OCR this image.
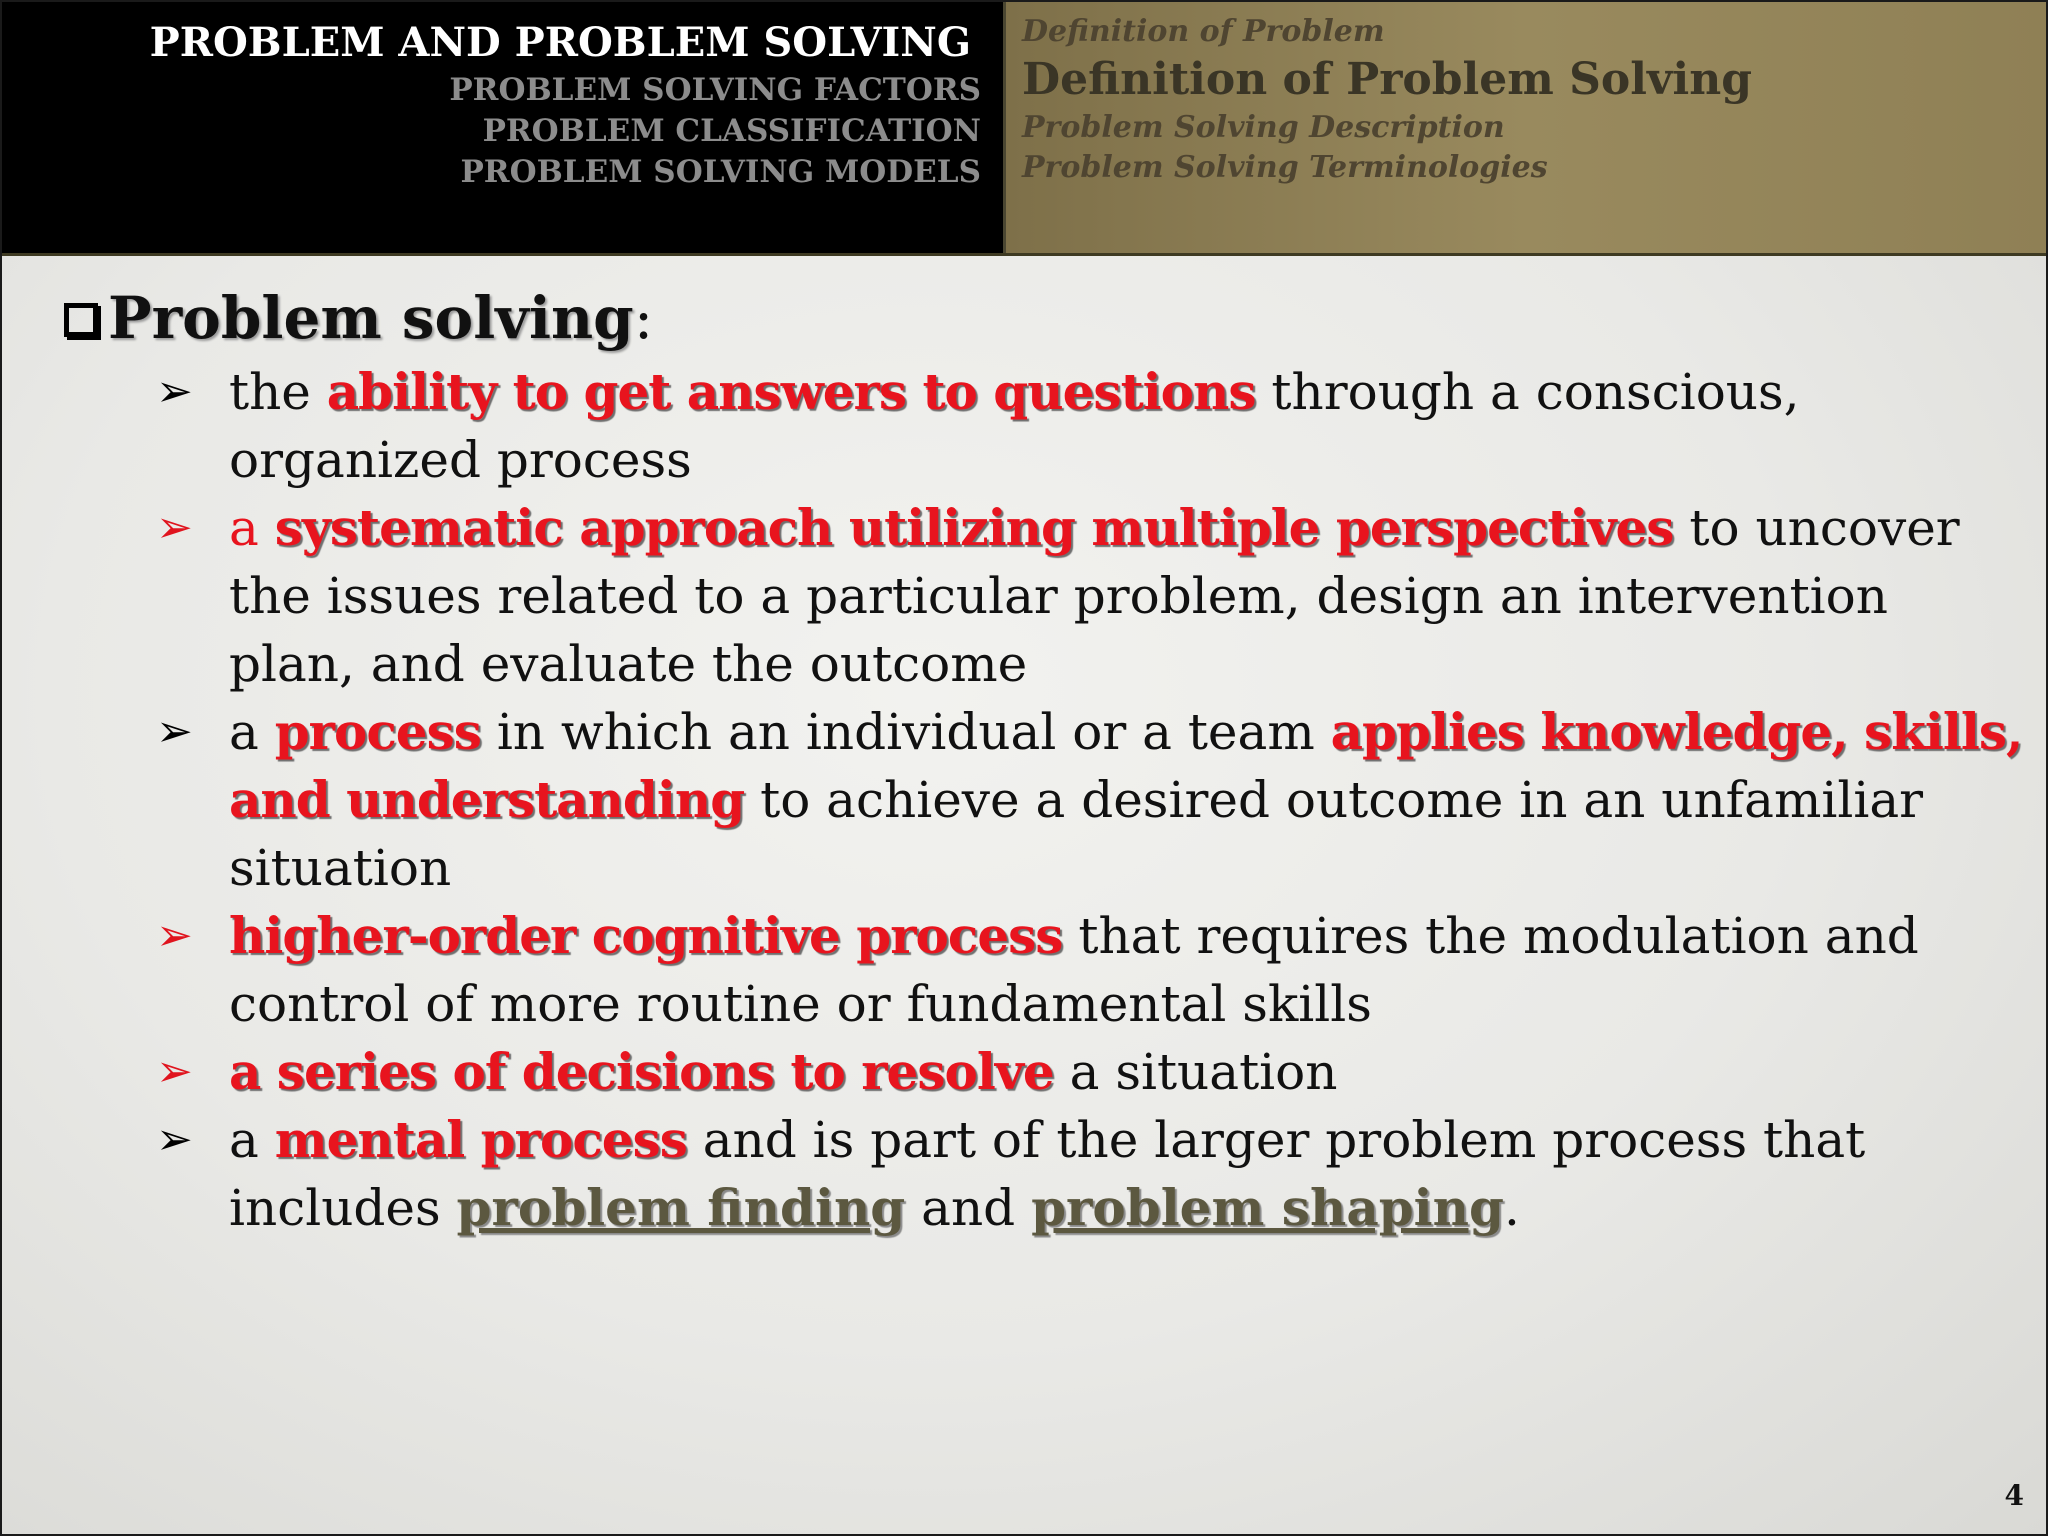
PROBLEM AND PROBLEM SOLVING
PROBLEM SOLVING FACTORS
PROBLEM CLASSIFICATION
PROBLEM SOLVING MODELS
Definition of Problem
Definition of Problem Solving
Problem Solving Description
Problem Solving Terminologies
Problem solving :
➢ the ability to get answers to questions through a conscious, organized process
➢ a systematic approach utilizing multiple perspectives to uncover the issues related to a particular problem, design an intervention plan, and evaluate the outcome
➢ a process in which an individual or a team applies knowledge, skills, and understanding to achieve a desired outcome in an unfamiliar situation
➢ higher-order cognitive process that requires the modulation and control of more routine or fundamental skills
➢ a series of decisions to resolve a situation
➢ a mental process and is part of the larger problem process that includes problem finding and problem shaping.
4
